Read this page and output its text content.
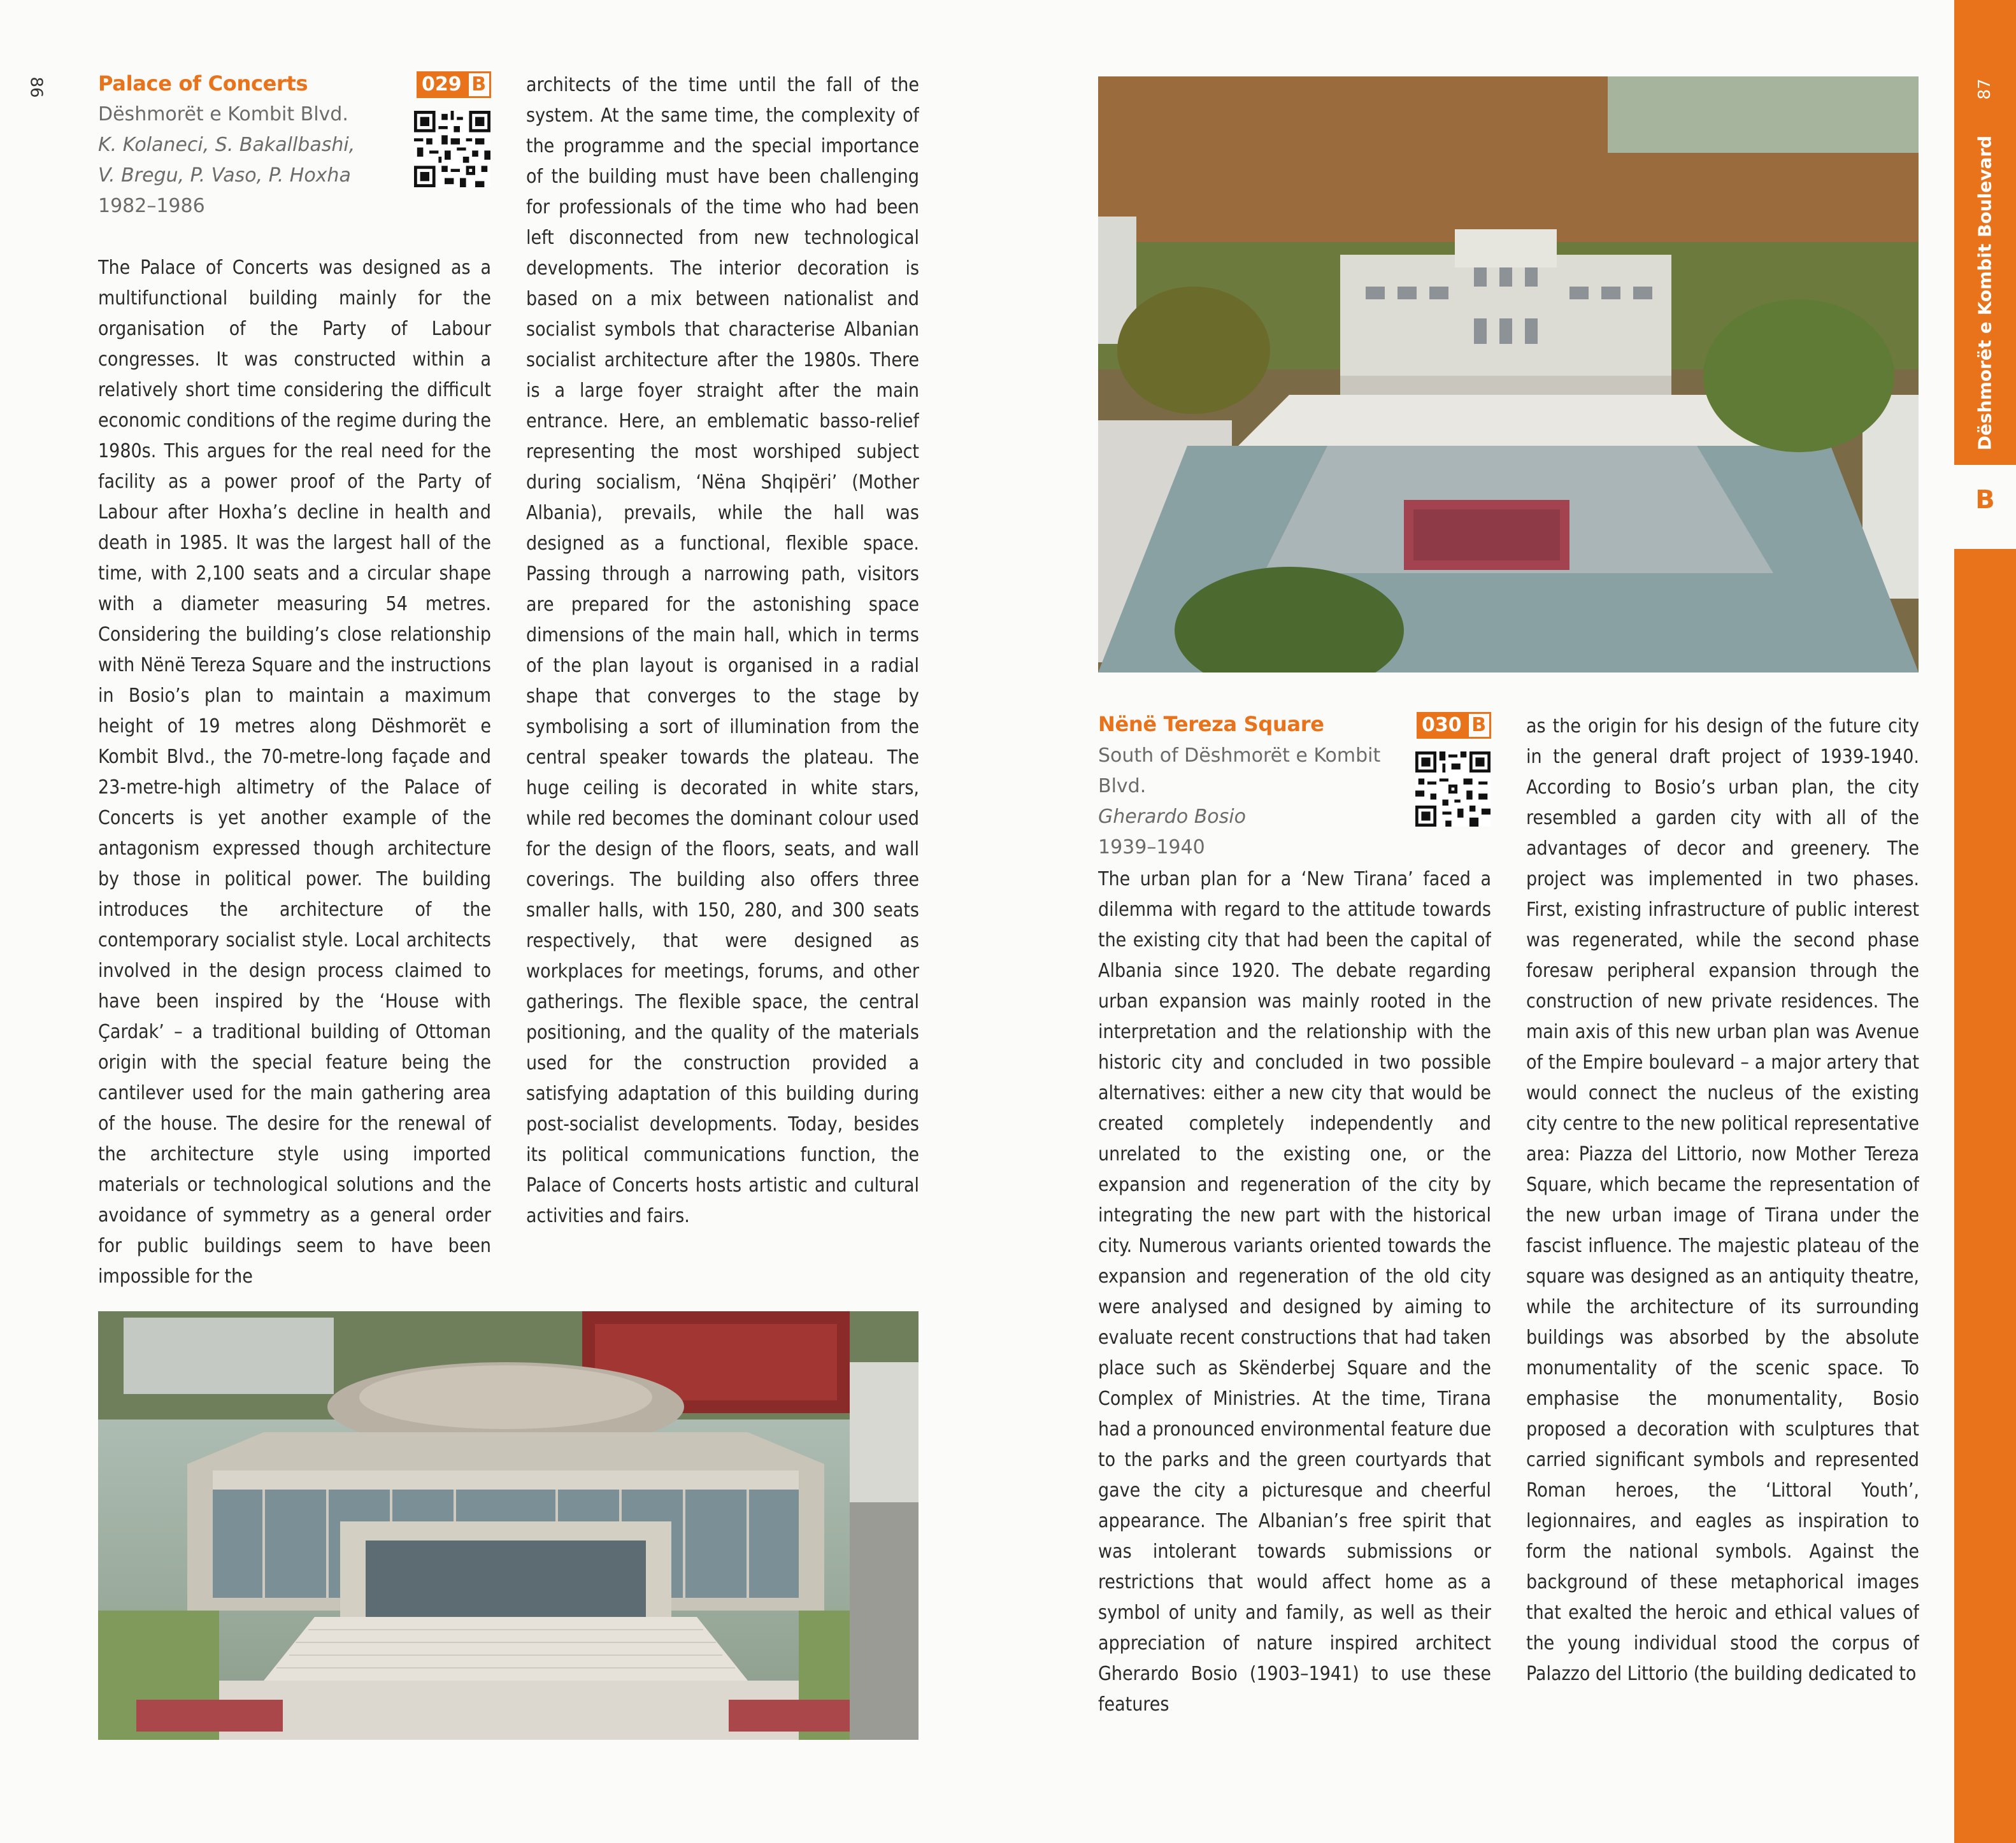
86	Palace of Concerts	029 B
Dëshmorët e Kombit Blvd.
K. Kolaneci, S. Bakallbashi,
V. Bregu, P. Vaso, P. Hoxha
1982–1986
The Palace of Concerts was designed as a multifunctional building mainly for the organisation of the Party of Labour congresses. It was constructed within a relatively short time considering the difficult economic conditions of the regime during the 1980s. This argues for the real need for the facility as a power proof of the Party of Labour after Hoxha’s decline in health and death in 1985. It was the largest hall of the time, with 2,100 seats and a circular shape with a diameter measuring 54 metres. Considering the building’s close relationship with Nënë Tereza Square and the instructions in Bosio’s plan to maintain a maximum height of 19 metres along Dëshmorët e Kombit Blvd., the 70-metre-long façade and 23-metre-high altimetry of the Palace of Concerts is yet another example of the antagonism expressed though architecture by those in political power. The building introduces the architecture of the contemporary socialist style. Local architects involved in the design process claimed to have been inspired by the ‘House with Çardak’ – a traditional building of Ottoman origin with the special feature being the cantilever used for the main gathering area of the house. The desire for the renewal of the architecture style using imported materials or technological solutions and the avoidance of symmetry as a general order for public buildings seem to have been impossible for the
architects of the time until the fall of the system. At the same time, the complexity of the programme and the special importance of the building must have been challenging for professionals of the time who had been left disconnected from new technological developments. The interior decoration is based on a mix between nationalist and socialist symbols that characterise Albanian socialist architecture after the 1980s. There is a large foyer straight after the main entrance. Here, an emblematic basso-relief representing the most worshiped subject during socialism, ‘Nëna Shqipëri’ (Mother Albania), prevails, while the hall was designed as a functional, flexible space. Passing through a narrowing path, visitors are prepared for the astonishing space dimensions of the main hall, which in terms of the plan layout is organised in a radial shape that converges to the stage by symbolising a sort of illumination from the central speaker towards the plateau. The huge ceiling is decorated in white stars, while red becomes the dominant colour used for the design of the floors, seats, and wall coverings. The building also offers three smaller halls, with 150, 280, and 300 seats respectively, that were designed as workplaces for meetings, forums, and other gatherings. The flexible space, the central positioning, and the quality of the materials used for the construction provided a satisfying adaptation of this building during post-socialist developments. Today, besides its political communications function, the Palace of Concerts hosts artistic and cultural activities and fairs.
Nënë Tereza Square	030 B
South of Dëshmorët e Kombit Blvd.
Gherardo Bosio
1939–1940
The urban plan for a ‘New Tirana’ faced a dilemma with regard to the attitude towards the existing city that had been the capital of Albania since 1920. The debate regarding urban expansion was mainly rooted in the interpretation and the relationship with the historic city and concluded in two possible alternatives: either a new city that would be created completely independently and unrelated to the existing one, or the expansion and regeneration of the city by integrating the new part with the historical city. Numerous variants oriented towards the expansion and regeneration of the old city were analysed and designed by aiming to evaluate recent constructions that had taken place such as Skënderbej Square and the Complex of Ministries. At the time, Tirana had a pronounced environmental feature due to the parks and the green courtyards that gave the city a picturesque and cheerful appearance. The Albanian’s free spirit that was intolerant towards submissions or restrictions that would affect home as a symbol of unity and family, as well as their appreciation of nature inspired architect Gherardo Bosio (1903–1941) to use these features
as the origin for his design of the future city in the general draft project of 1939-1940. According to Bosio’s urban plan, the city resembled a garden city with all of the advantages of decor and greenery. The project was implemented in two phases. First, existing infrastructure of public interest was regenerated, while the second phase foresaw peripheral expansion through the construction of new private residences. The main axis of this new urban plan was Avenue of the Empire boulevard – a major artery that would connect the nucleus of the existing city centre to the new political representative area: Piazza del Littorio, now Mother Tereza Square, which became the representation of the new urban image of Tirana under the fascist influence. The majestic plateau of the square was designed as an antiquity theatre, while the architecture of its surrounding buildings was absorbed by the absolute monumentality of the scenic space. To emphasise the monumentality, Bosio proposed a decoration with sculptures that carried significant symbols and represented Roman heroes, the ‘Littoral Youth’, legionnaires, and eagles as inspiration to form the national symbols. Against the background of these metaphorical images that exalted the heroic and ethical values of the young individual stood the corpus of Palazzo del Littorio (the building dedicated to
87
Dëshmorët e Kombit Boulevard
B
